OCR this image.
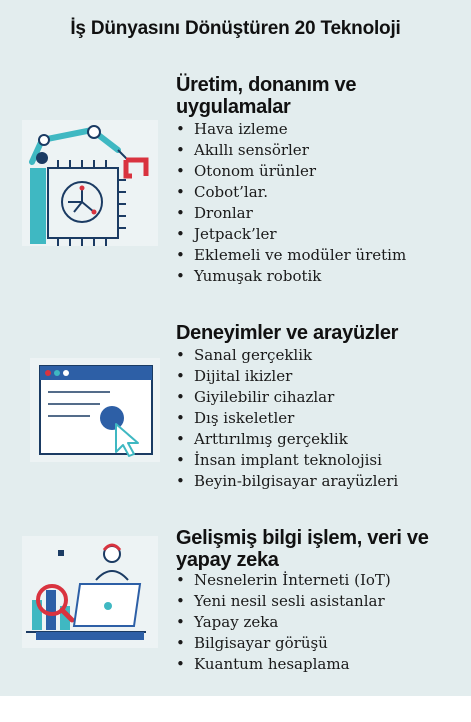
İş Dünyasını Dönüştüren 20 Teknoloji
Üretim, donanım ve
uygulamalar
• Hava izleme
• Akıllı sensörler
• Otonom ürünler
• Cobot’lar.
• Dronlar
• Jetpack’ler
• Eklemeli ve modüler üretim
• Yumuşak robotik
Deneyimler ve arayüzler
• Sanal gerçeklik
• Dijital ikizler
• Giyilebilir cihazlar
• Dış iskeletler
• Arttırılmış gerçeklik
• İnsan implant teknolojisi
• Beyin-bilgisayar arayüzleri
Gelişmiş bilgi işlem, veri ve
yapay zeka
• Nesnelerin İnterneti (IoT)
• Yeni nesil sesli asistanlar
• Yapay zeka
• Bilgisayar görüşü
• Kuantum hesaplama
